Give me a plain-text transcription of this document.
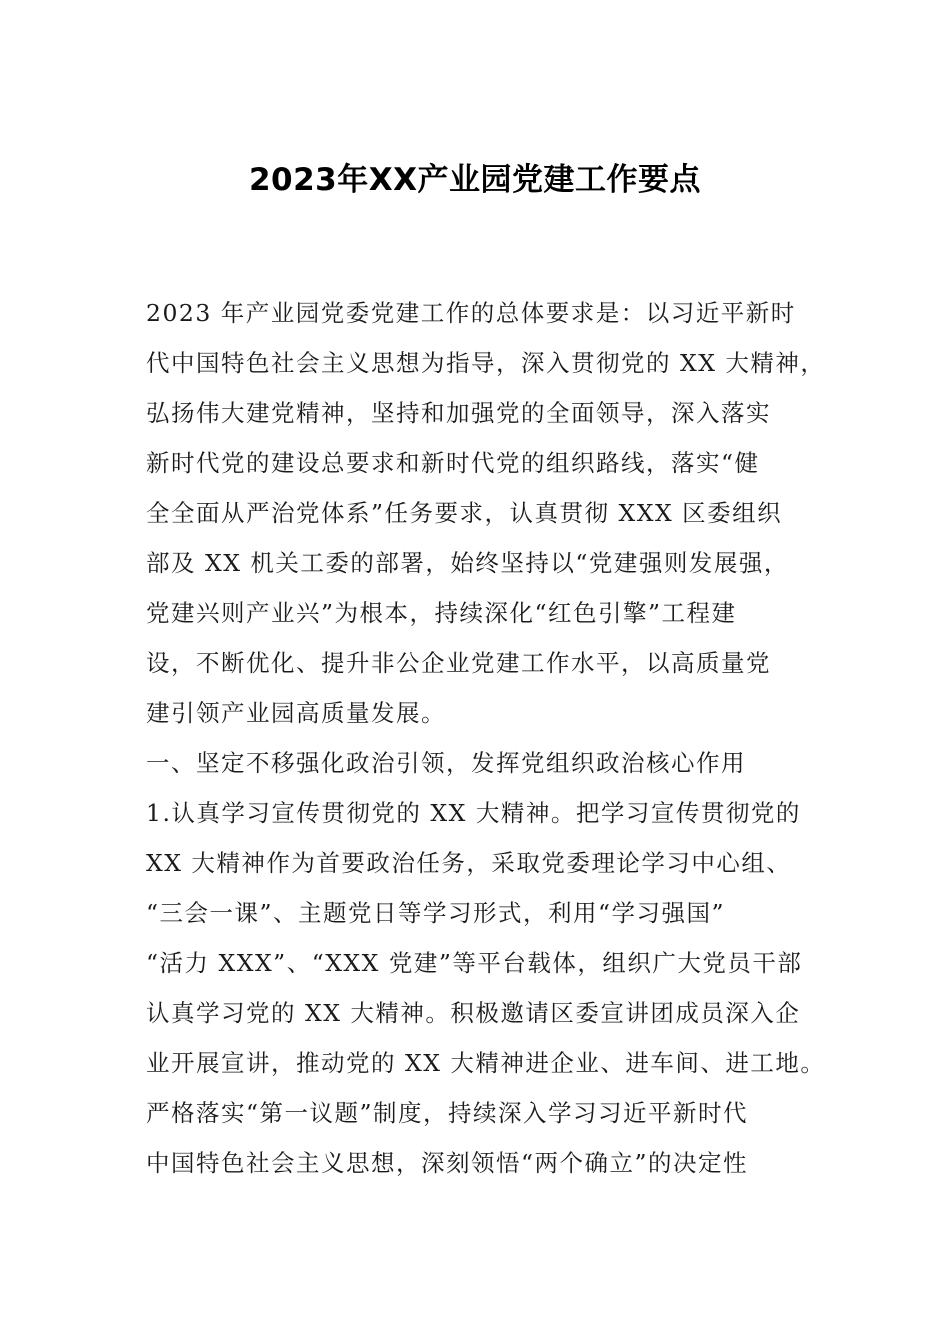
2023年XX产业园党建工作要点
2023 年产业园党委党建工作的总体要求是：以习近平新时
代中国特色社会主义思想为指导，深入贯彻党的 XX 大精神，
弘扬伟大建党精神，坚持和加强党的全面领导，深入落实
新时代党的建设总要求和新时代党的组织路线，落实“健
全全面从严治党体系”任务要求，认真贯彻 XXX 区委组织
部及 XX 机关工委的部署，始终坚持以“党建强则发展强，
党建兴则产业兴”为根本，持续深化“红色引擎”工程建
设，不断优化、提升非公企业党建工作水平，以高质量党
建引领产业园高质量发展。
一、坚定不移强化政治引领，发挥党组织政治核心作用
1.认真学习宣传贯彻党的 XX 大精神。把学习宣传贯彻党的
XX 大精神作为首要政治任务，采取党委理论学习中心组、
“三会一课”、主题党日等学习形式，利用“学习强国”
“活力 XXX”、“XXX 党建”等平台载体，组织广大党员干部
认真学习党的 XX 大精神。积极邀请区委宣讲团成员深入企
业开展宣讲，推动党的 XX 大精神进企业、进车间、进工地。
严格落实“第一议题”制度，持续深入学习习近平新时代
中国特色社会主义思想，深刻领悟“两个确立”的决定性
